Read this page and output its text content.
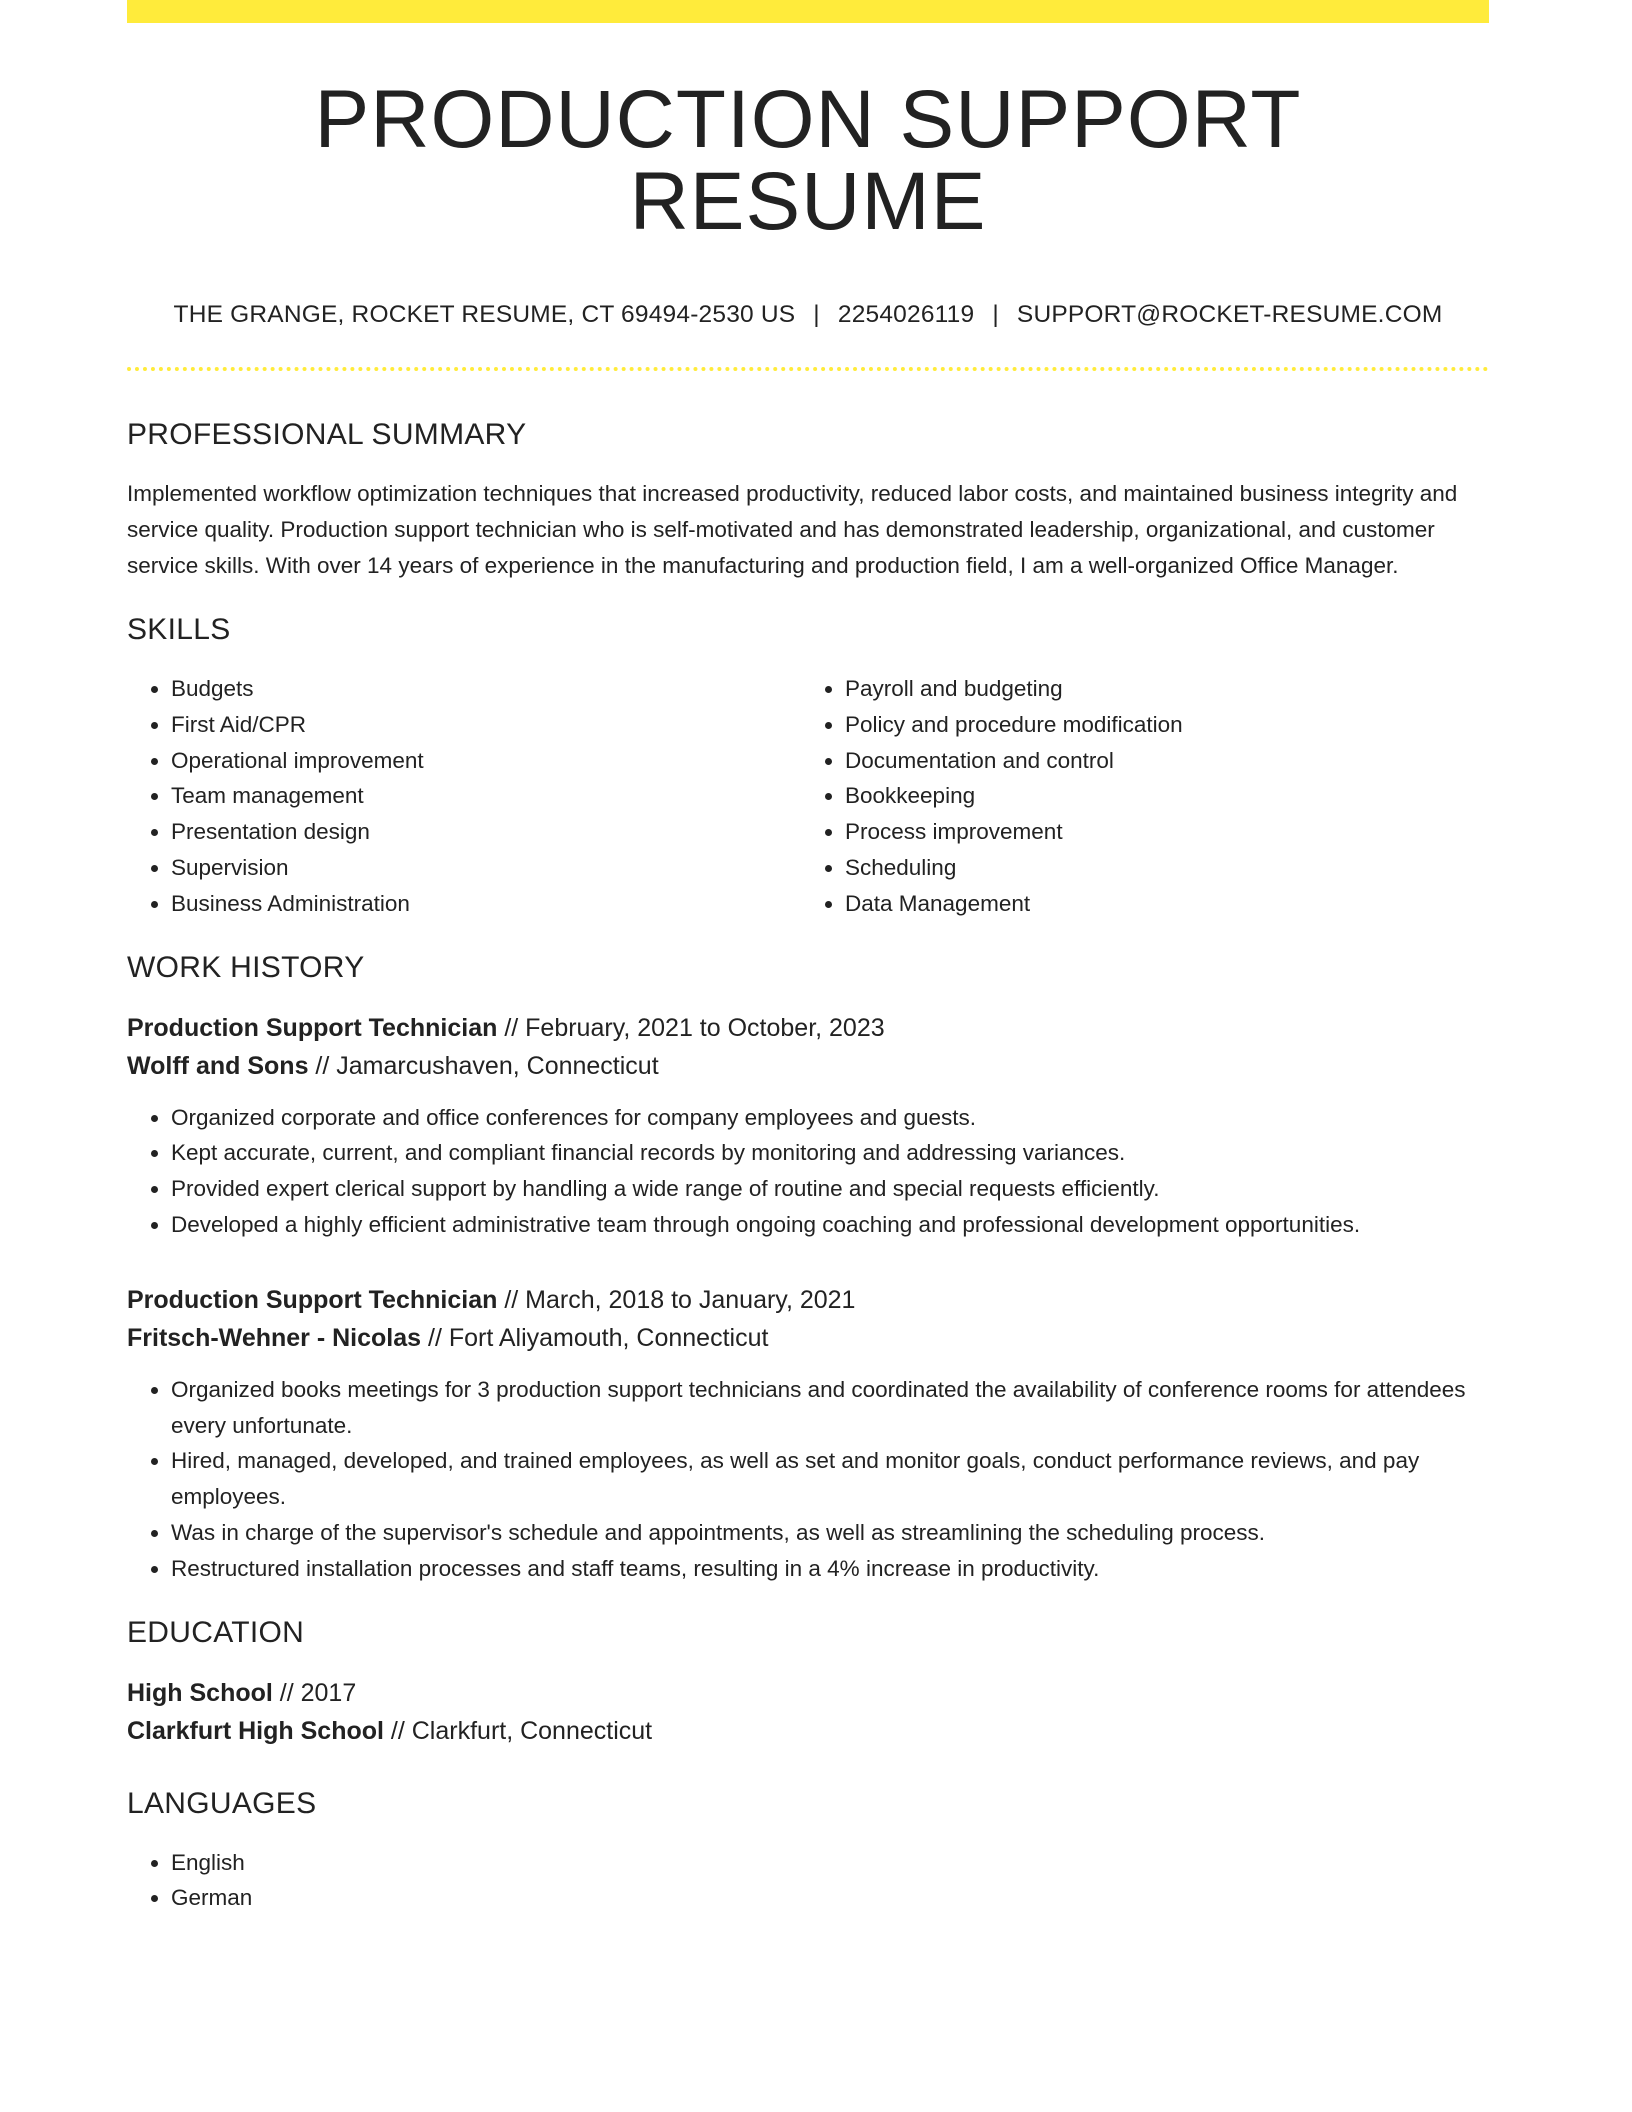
PRODUCTION SUPPORT RESUME
THE GRANGE, ROCKET RESUME, CT 69494-2530 US | 2254026119 | SUPPORT@ROCKET-RESUME.COM
PROFESSIONAL SUMMARY
Implemented workflow optimization techniques that increased productivity, reduced labor costs, and maintained business integrity and service quality. Production support technician who is self-motivated and has demonstrated leadership, organizational, and customer service skills. With over 14 years of experience in the manufacturing and production field, I am a well-organized Office Manager.
SKILLS
• Budgets
• First Aid/CPR
• Operational improvement
• Team management
• Presentation design
• Supervision
• Business Administration
• Payroll and budgeting
• Policy and procedure modification
• Documentation and control
• Bookkeeping
• Process improvement
• Scheduling
• Data Management
WORK HISTORY
Production Support Technician // February, 2021 to October, 2023
Wolff and Sons // Jamarcushaven, Connecticut
• Organized corporate and office conferences for company employees and guests.
• Kept accurate, current, and compliant financial records by monitoring and addressing variances.
• Provided expert clerical support by handling a wide range of routine and special requests efficiently.
• Developed a highly efficient administrative team through ongoing coaching and professional development opportunities.
Production Support Technician // March, 2018 to January, 2021
Fritsch-Wehner - Nicolas // Fort Aliyamouth, Connecticut
• Organized books meetings for 3 production support technicians and coordinated the availability of conference rooms for attendees every unfortunate.
• Hired, managed, developed, and trained employees, as well as set and monitor goals, conduct performance reviews, and pay employees.
• Was in charge of the supervisor's schedule and appointments, as well as streamlining the scheduling process.
• Restructured installation processes and staff teams, resulting in a 4% increase in productivity.
EDUCATION
High School // 2017
Clarkfurt High School // Clarkfurt, Connecticut
LANGUAGES
• English
• German
